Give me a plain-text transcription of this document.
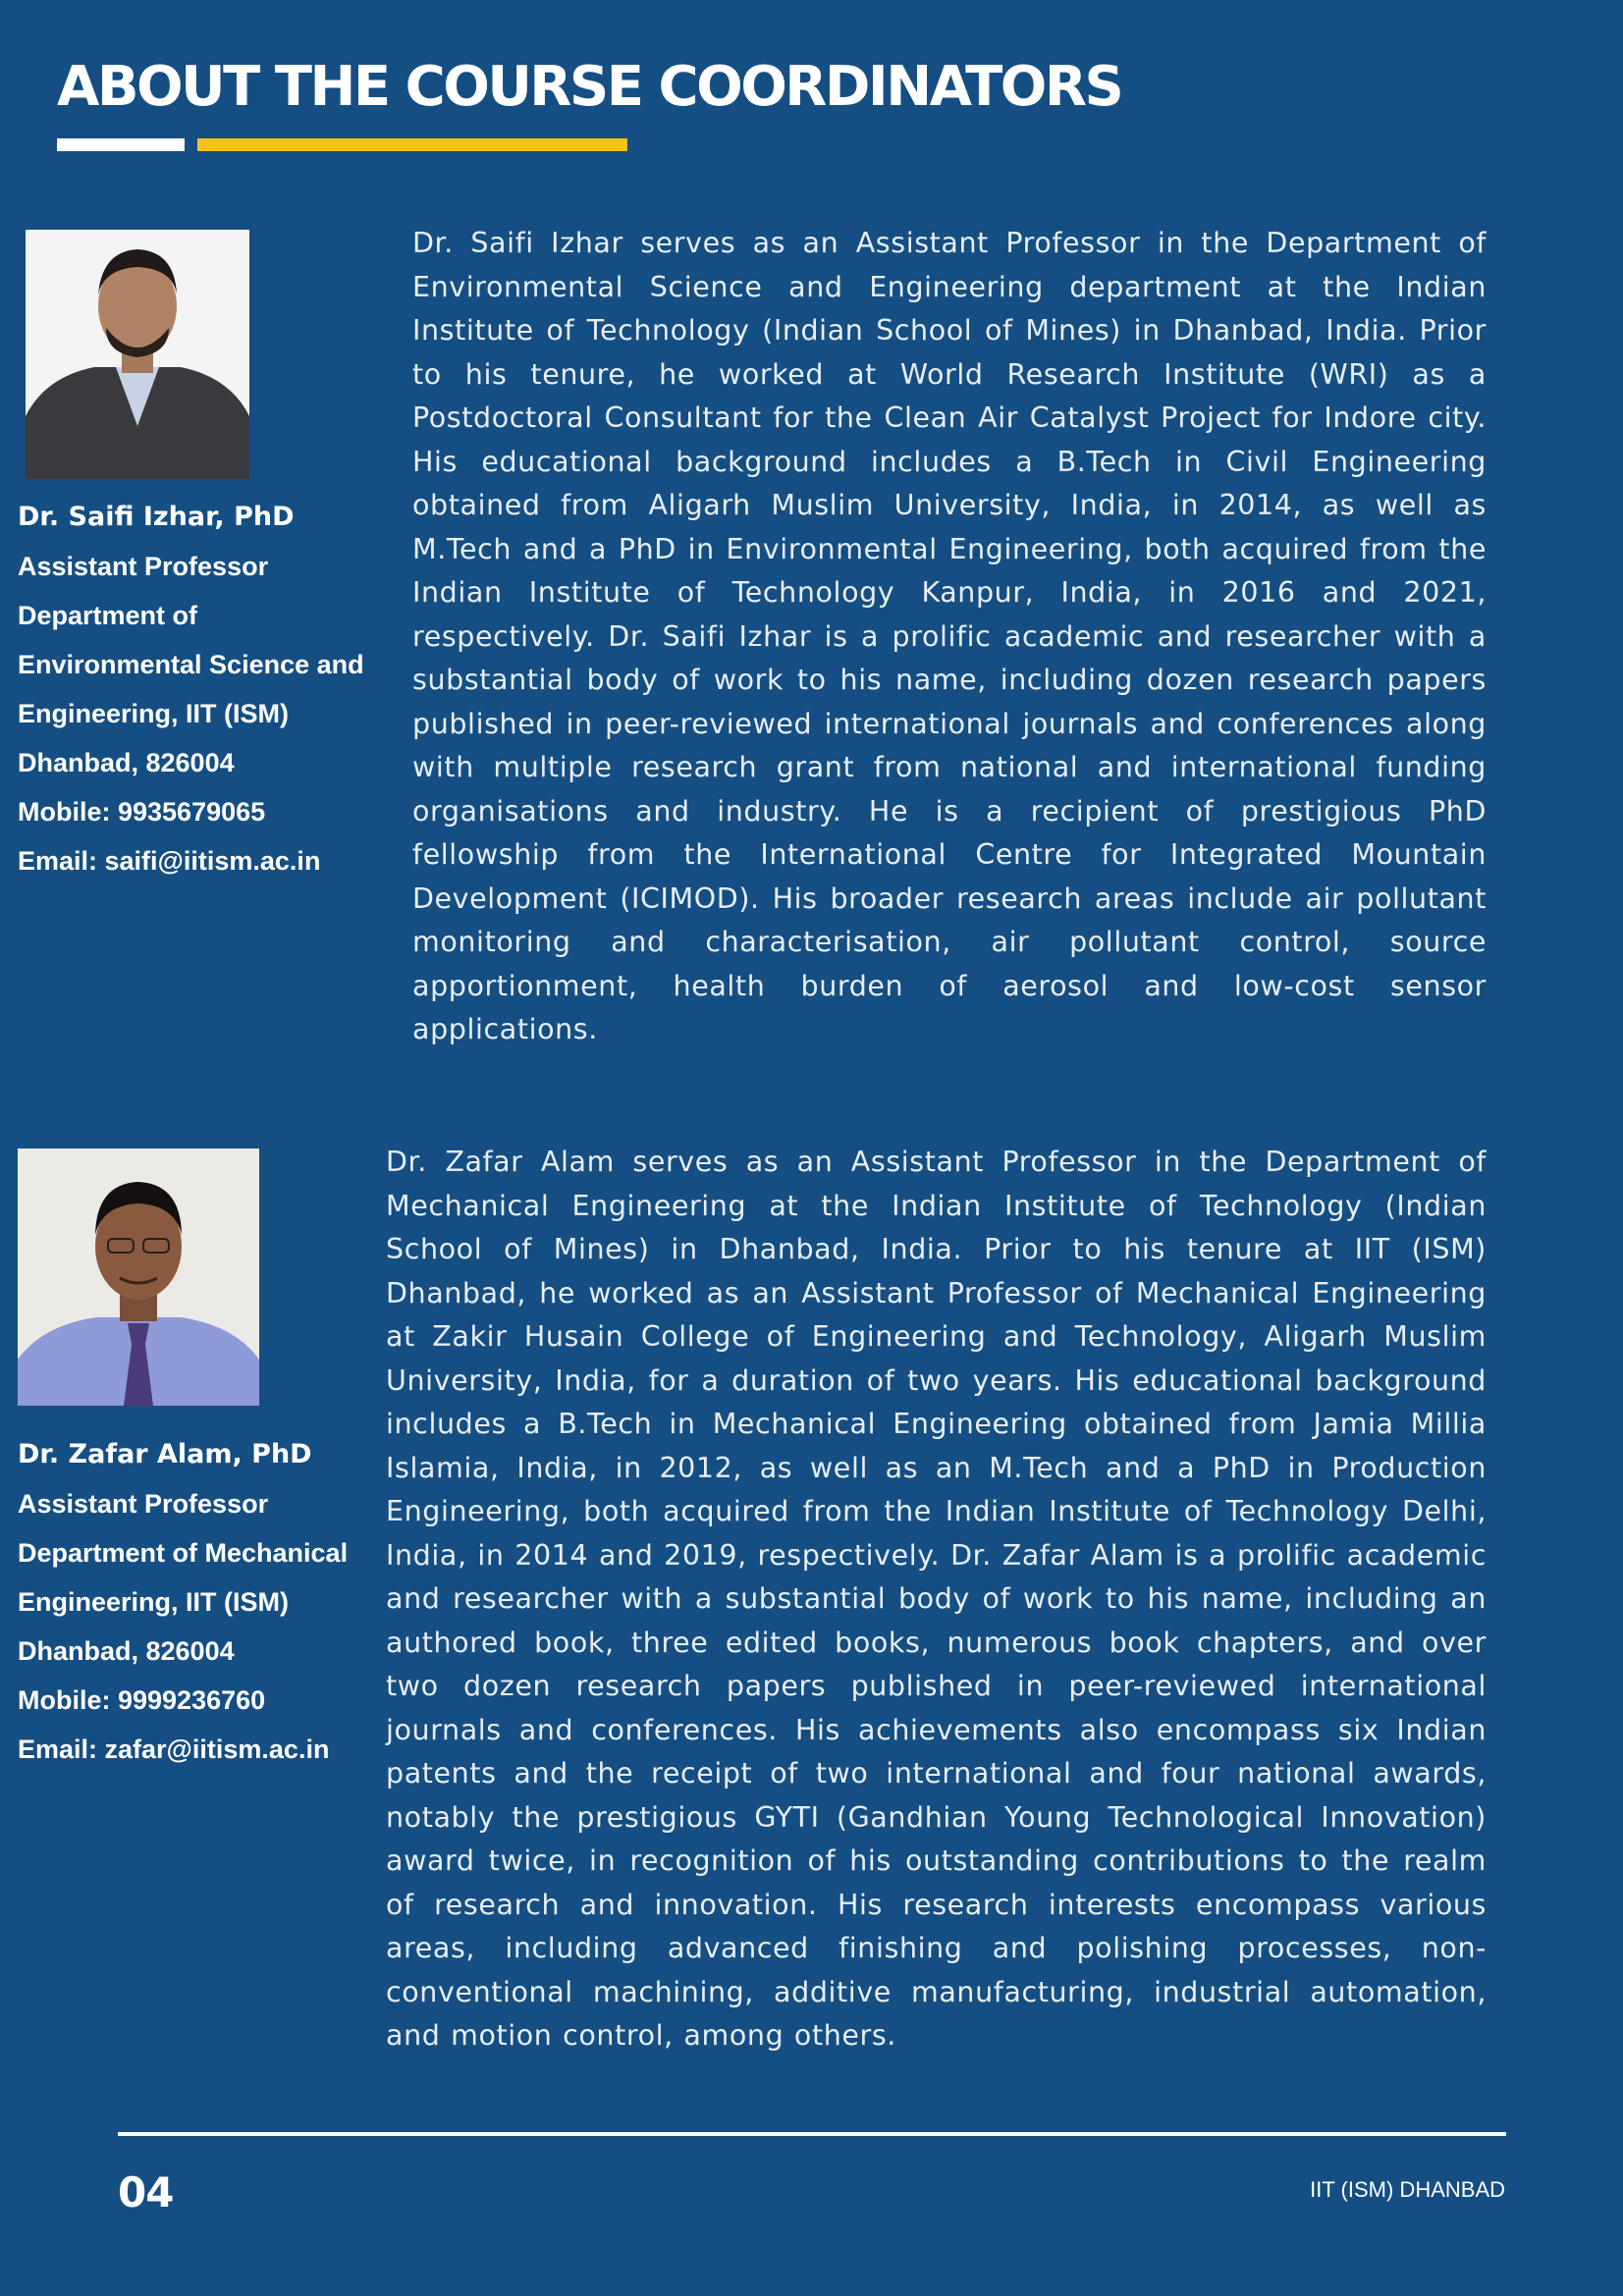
ABOUT THE COURSE COORDINATORS
Dr. Saifi Izhar, PhD
Assistant Professor
Department of
Environmental Science and
Engineering, IIT (ISM)
Dhanbad, 826004
Mobile: 9935679065
Email: saifi@iitism.ac.in
Dr. Saifi Izhar serves as an Assistant Professor in the Department of Environmental Science and Engineering department at the Indian Institute of Technology (Indian School of Mines) in Dhanbad, India. Prior to his tenure, he worked at World Research Institute (WRI) as a Postdoctoral Consultant for the Clean Air Catalyst Project for Indore city. His educational background includes a B.Tech in Civil Engineering obtained from Aligarh Muslim University, India, in 2014, as well as M.Tech and a PhD in Environmental Engineering, both acquired from the Indian Institute of Technology Kanpur, India, in 2016 and 2021, respectively. Dr. Saifi Izhar is a prolific academic and researcher with a substantial body of work to his name, including dozen research papers published in peer-reviewed international journals and conferences along with multiple research grant from national and international funding organisations and industry. He is a recipient of prestigious PhD fellowship from the International Centre for Integrated Mountain Development (ICIMOD). His broader research areas include air pollutant monitoring and characterisation, air pollutant control, source apportionment, health burden of aerosol and low-cost sensor applications.
Dr. Zafar Alam, PhD
Assistant Professor
Department of Mechanical
Engineering, IIT (ISM)
Dhanbad, 826004
Mobile: 9999236760
Email: zafar@iitism.ac.in
Dr. Zafar Alam serves as an Assistant Professor in the Department of Mechanical Engineering at the Indian Institute of Technology (Indian School of Mines) in Dhanbad, India. Prior to his tenure at IIT (ISM) Dhanbad, he worked as an Assistant Professor of Mechanical Engineering at Zakir Husain College of Engineering and Technology, Aligarh Muslim University, India, for a duration of two years. His educational background includes a B.Tech in Mechanical Engineering obtained from Jamia Millia Islamia, India, in 2012, as well as an M.Tech and a PhD in Production Engineering, both acquired from the Indian Institute of Technology Delhi, India, in 2014 and 2019, respectively. Dr. Zafar Alam is a prolific academic and researcher with a substantial body of work to his name, including an authored book, three edited books, numerous book chapters, and over two dozen research papers published in peer-reviewed international journals and conferences. His achievements also encompass six Indian patents and the receipt of two international and four national awards, notably the prestigious GYTI (Gandhian Young Technological Innovation) award twice, in recognition of his outstanding contributions to the realm of research and innovation. His research interests encompass various areas, including advanced finishing and polishing processes, non-conventional machining, additive manufacturing, industrial automation, and motion control, among others.
04	IIT (ISM) DHANBAD
